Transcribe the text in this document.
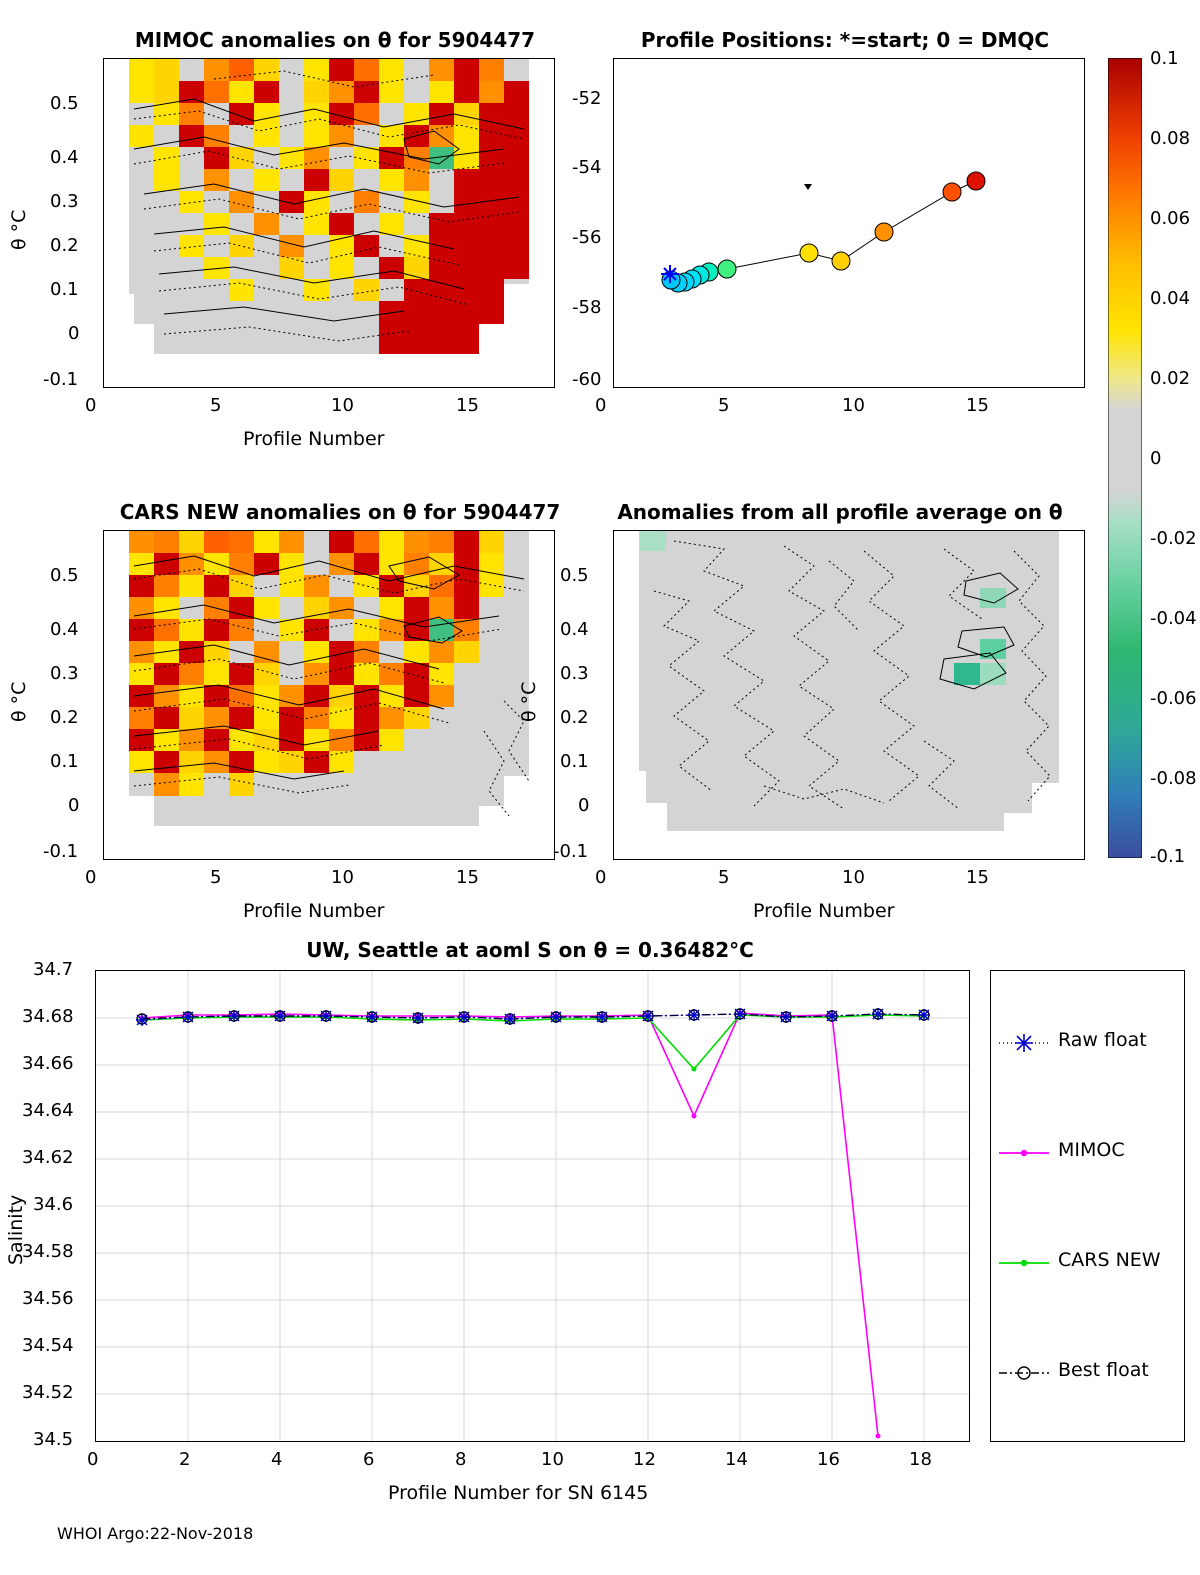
MIMOC anomalies on θ for 5904477
0	5	10	15
-0.1
0
0.1
0.2
0.3
0.4
0.5
θ °C
Profile Number
Profile Positions: *=start; 0 = DMQC
0	5	10	15
-60
-58
-56
-54
-52
0.1
0.08
0.06
0.04
0.02
0
-0.02
-0.04
-0.06
-0.08
-0.1
CARS NEW anomalies on θ for 5904477
0	5	10	15
-0.1
0
0.1
0.2
0.3
0.4
0.5
θ °C
Profile Number
Anomalies from all profile average on θ
0	5	10	15
-0.1
0
0.1
0.2
0.3
0.4
0.5
θ °C
Profile Number
UW, Seattle at aoml S on θ = 0.36482°C
0	2	4	6	8	10	12	14	16	18
34.5
34.52
34.54
34.56
34.58
34.6
34.62
34.64
34.66
34.68
34.7
Salinity
Profile Number for SN 6145
Raw float
MIMOC
CARS NEW
Best float
WHOI Argo:22-Nov-2018
